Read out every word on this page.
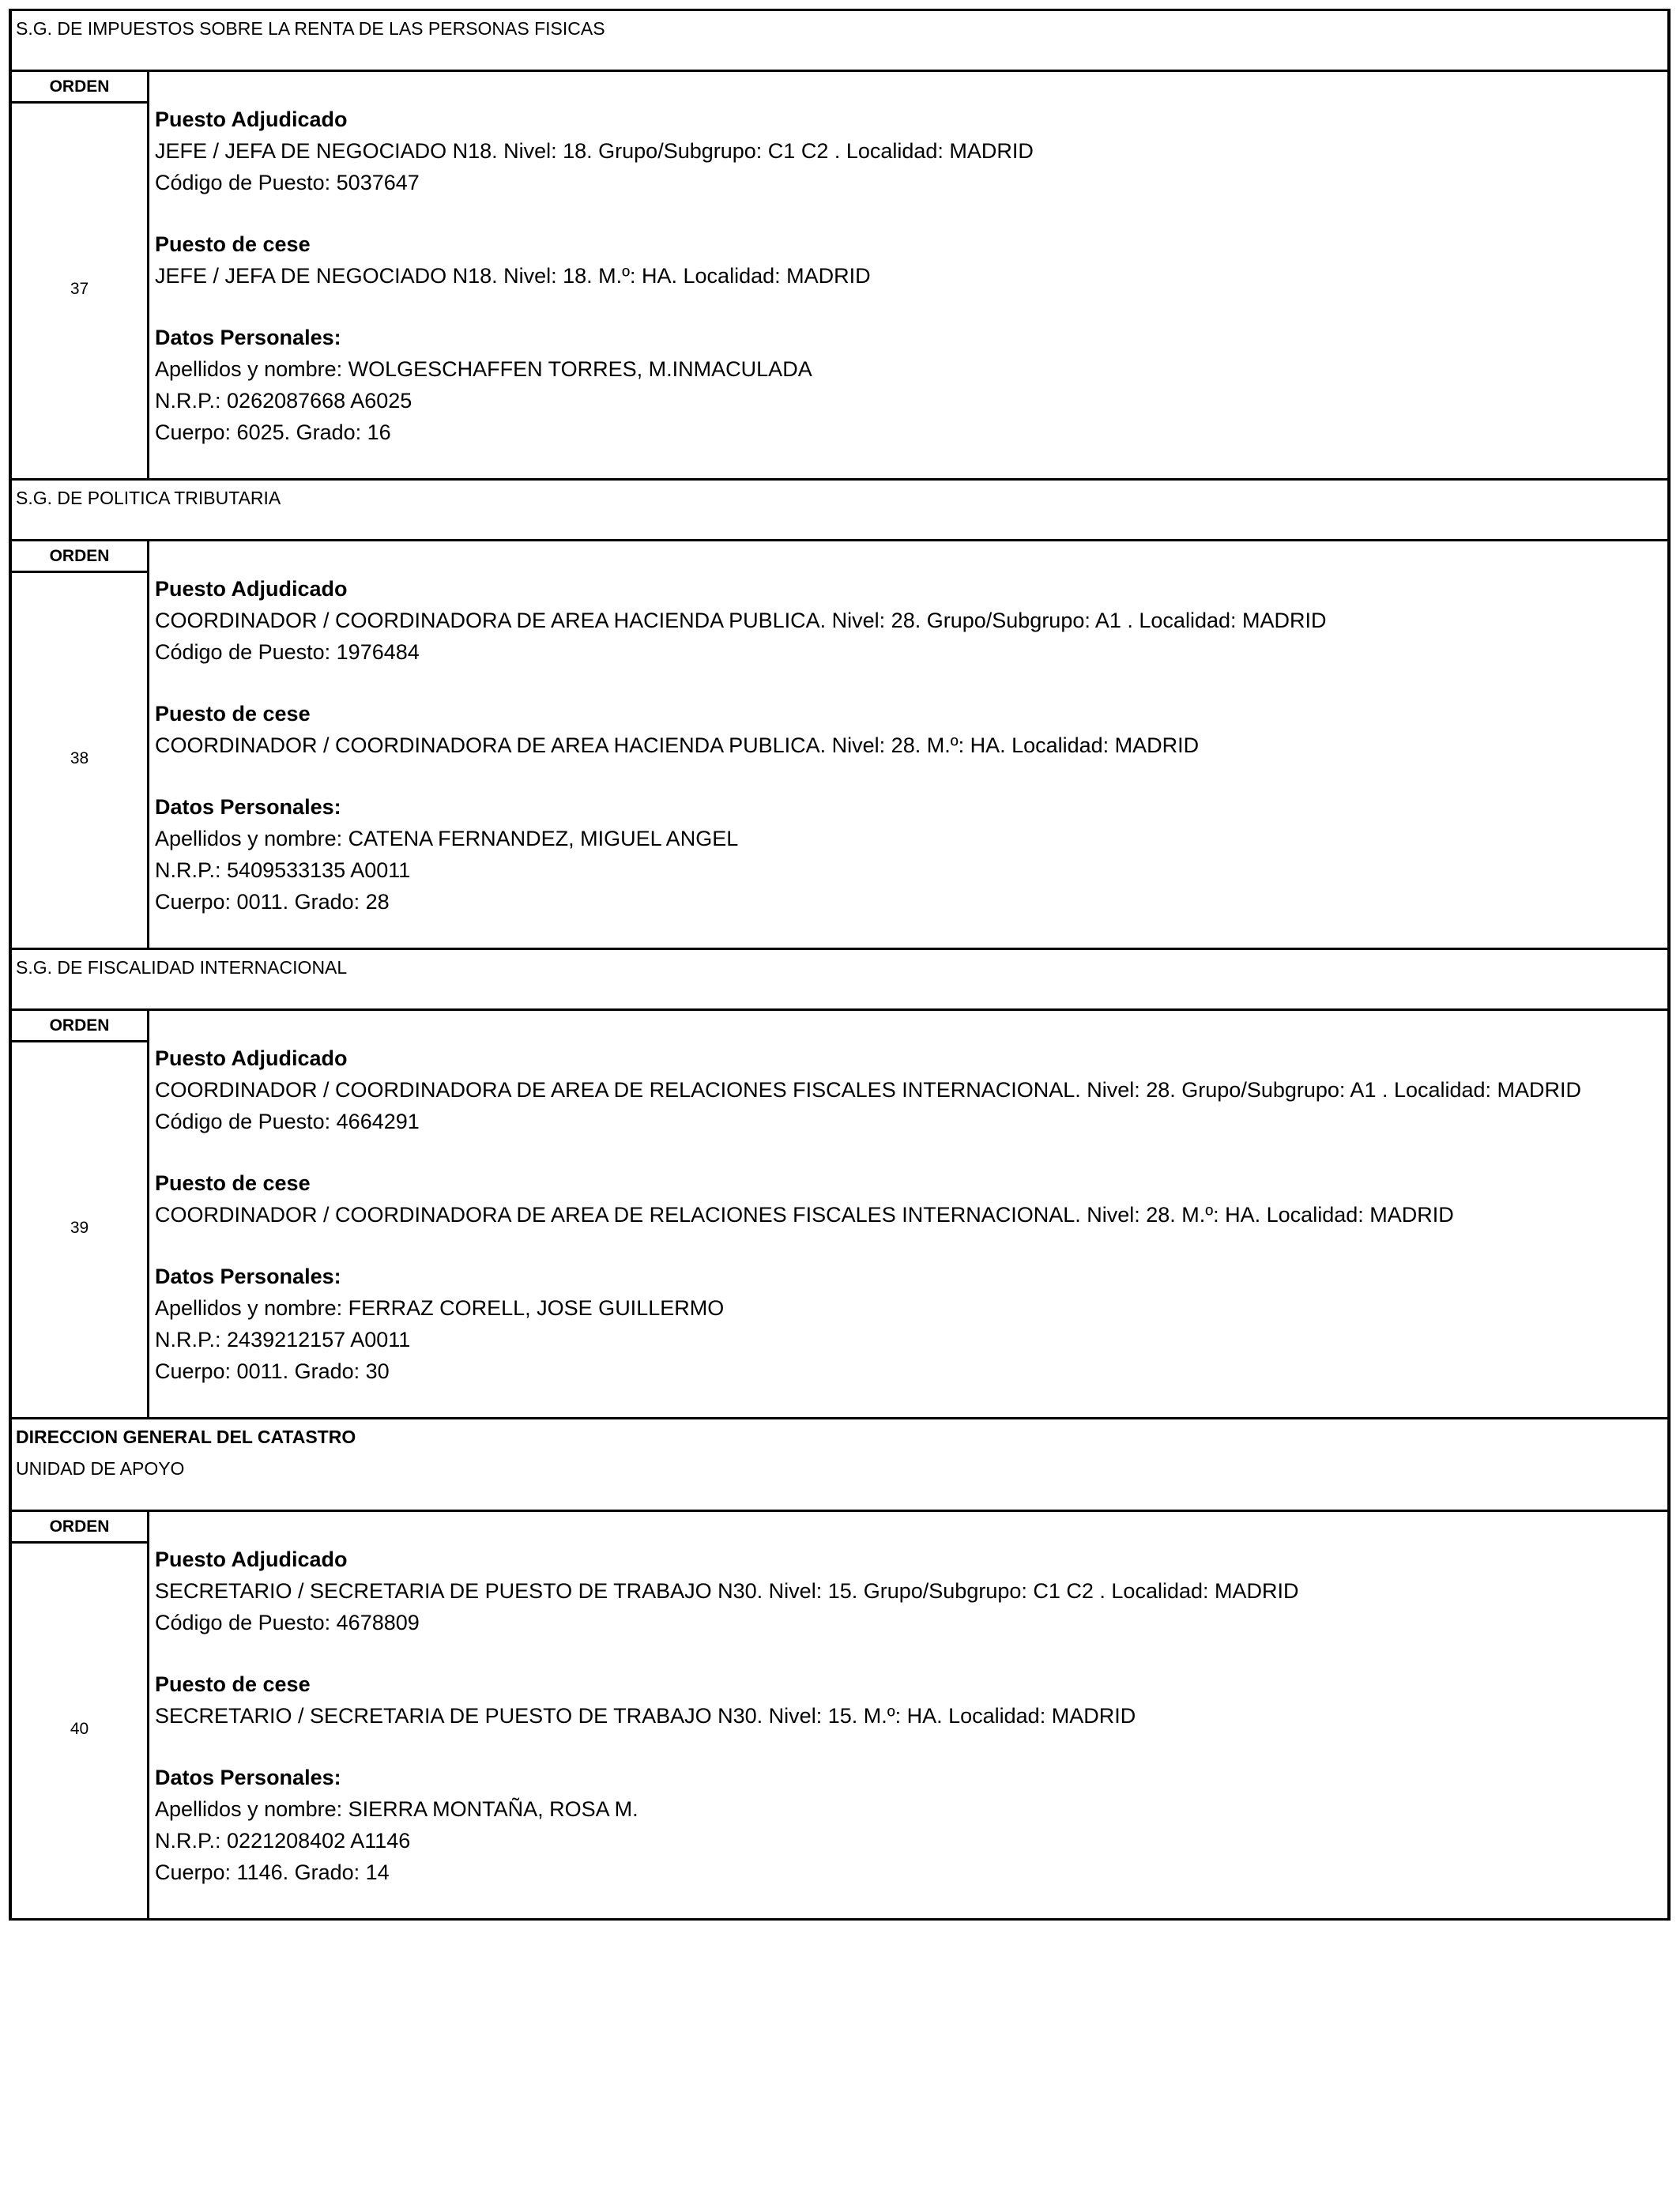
S.G. DE IMPUESTOS SOBRE LA RENTA DE LAS PERSONAS FISICAS
ORDEN
37
Puesto Adjudicado
JEFE / JEFA DE NEGOCIADO N18. Nivel: 18. Grupo/Subgrupo: C1 C2 . Localidad: MADRID
Código de Puesto: 5037647
Puesto de cese
JEFE / JEFA DE NEGOCIADO N18. Nivel: 18. M.º: HA. Localidad: MADRID
Datos Personales:
Apellidos y nombre: WOLGESCHAFFEN TORRES, M.INMACULADA
N.R.P.: 0262087668 A6025
Cuerpo: 6025. Grado: 16
S.G. DE POLITICA TRIBUTARIA
ORDEN
38
Puesto Adjudicado
COORDINADOR / COORDINADORA DE AREA HACIENDA PUBLICA. Nivel: 28. Grupo/Subgrupo: A1 . Localidad: MADRID
Código de Puesto: 1976484
Puesto de cese
COORDINADOR / COORDINADORA DE AREA HACIENDA PUBLICA. Nivel: 28. M.º: HA. Localidad: MADRID
Datos Personales:
Apellidos y nombre: CATENA FERNANDEZ, MIGUEL ANGEL
N.R.P.: 5409533135 A0011
Cuerpo: 0011. Grado: 28
S.G. DE FISCALIDAD INTERNACIONAL
ORDEN
39
Puesto Adjudicado
COORDINADOR / COORDINADORA DE AREA DE RELACIONES FISCALES INTERNACIONAL. Nivel: 28. Grupo/Subgrupo: A1 . Localidad: MADRID
Código de Puesto: 4664291
Puesto de cese
COORDINADOR / COORDINADORA DE AREA DE RELACIONES FISCALES INTERNACIONAL. Nivel: 28. M.º: HA. Localidad: MADRID
Datos Personales:
Apellidos y nombre: FERRAZ CORELL, JOSE GUILLERMO
N.R.P.: 2439212157 A0011
Cuerpo: 0011. Grado: 30
DIRECCION GENERAL DEL CATASTRO
UNIDAD DE APOYO
ORDEN
40
Puesto Adjudicado
SECRETARIO / SECRETARIA DE PUESTO DE TRABAJO N30. Nivel: 15. Grupo/Subgrupo: C1 C2 . Localidad: MADRID
Código de Puesto: 4678809
Puesto de cese
SECRETARIO / SECRETARIA DE PUESTO DE TRABAJO N30. Nivel: 15. M.º: HA. Localidad: MADRID
Datos Personales:
Apellidos y nombre: SIERRA MONTAÑA, ROSA M.
N.R.P.: 0221208402 A1146
Cuerpo: 1146. Grado: 14
